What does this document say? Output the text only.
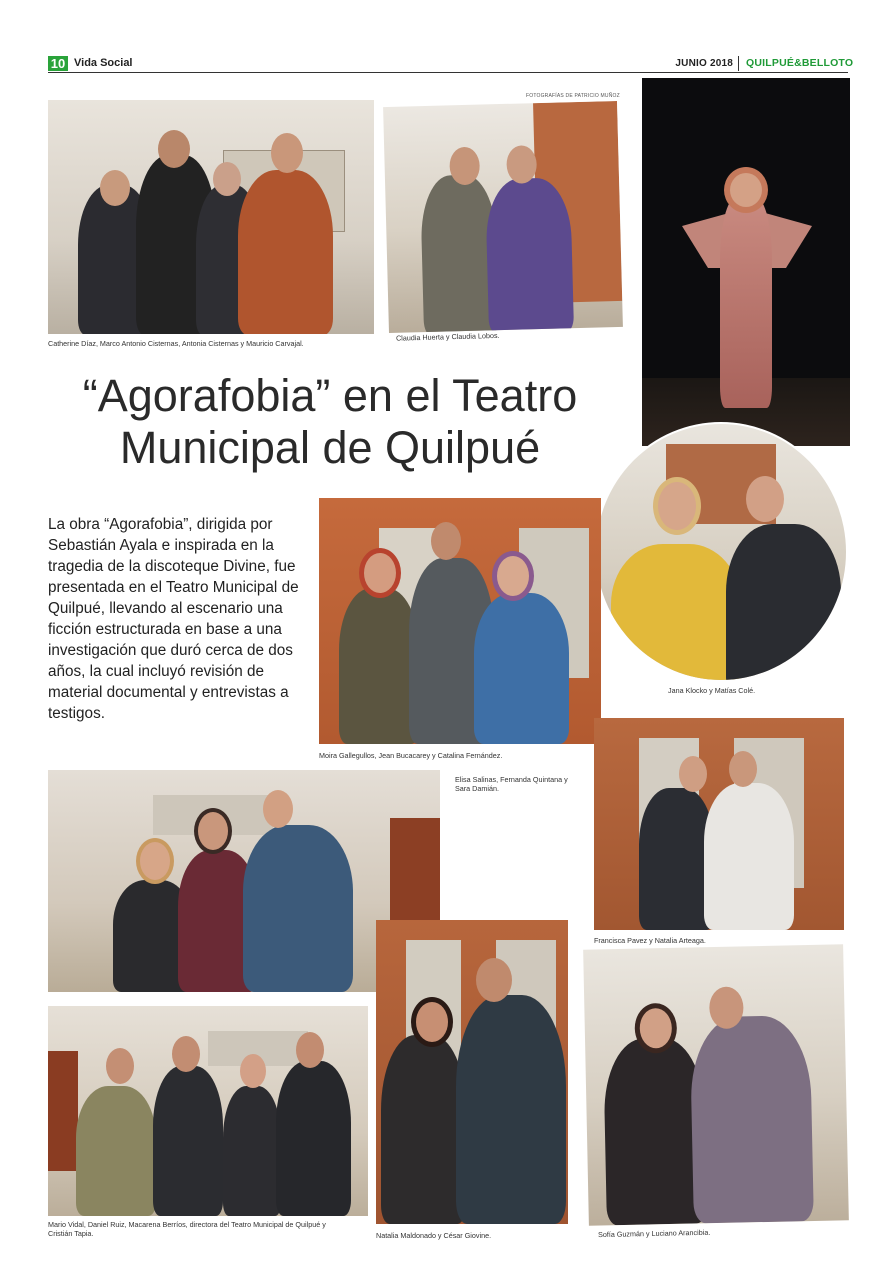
10 Vida Social	JUNIO 2018 QUILPUÉ&BELLOTO
Catherine Díaz, Marco Antonio Cisternas, Antonia Cisternas y Mauricio Carvajal.
FOTOGRAFÍAS DE PATRICIO MUÑOZ
Claudia Huerta y Claudia Lobos.
“Agorafobia” en el Teatro
Municipal de Quilpué
La obra “Agorafobia”, dirigida por Sebastián Ayala e inspirada en la tragedia de la discoteque Divine, fue presentada en el Teatro Municipal de Quilpué, llevando al escenario una ficción estructurada en base a una investigación que duró cerca de dos años, la cual incluyó revisión de material documental y entrevistas a testigos.
Jana Klocko y Matías Colé.
Moira Gallegullos, Jean Bucacarey y Catalina Fernández.
Elisa Salinas, Fernanda Quintana y Sara Damián.
Francisca Pavez y Natalia Arteaga.
Mario Vidal, Daniel Ruiz, Macarena Berríos, directora del Teatro Municipal de Quilpué y Cristián Tapia.	Natalia Maldonado y César Giovine.	Sofía Guzmán y Luciano Arancibia.
